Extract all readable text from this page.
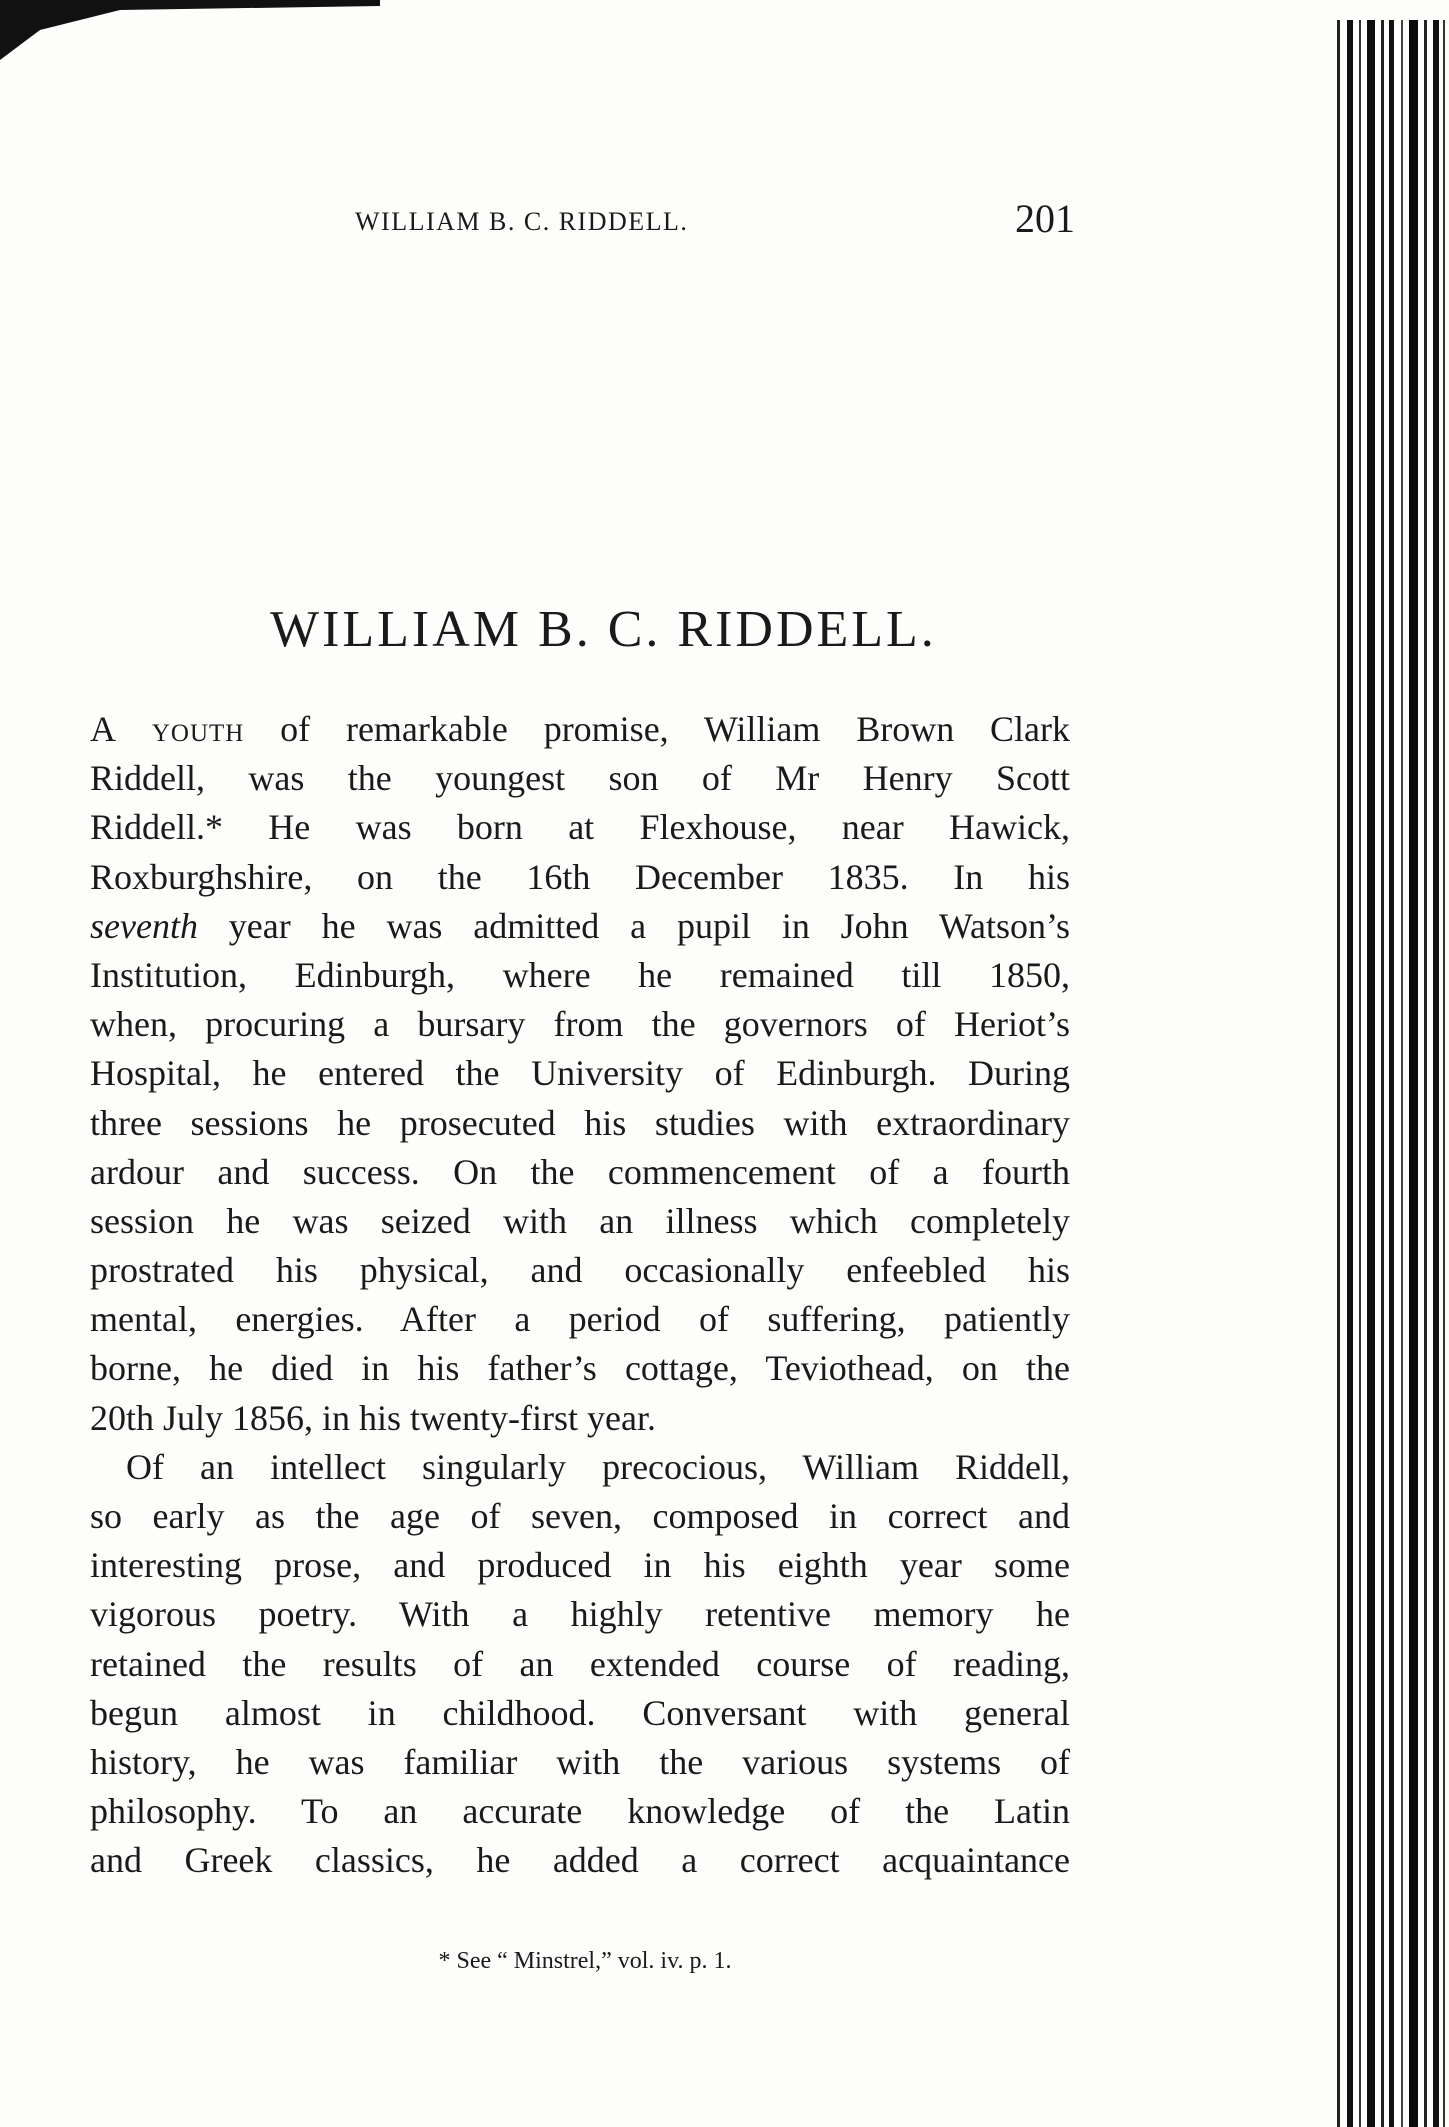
WILLIAM B. C. RIDDELL.	201
WILLIAM B. C. RIDDELL.
A youth of remarkable promise, William Brown Clark
Riddell, was the youngest son of Mr Henry Scott
Riddell.* He was born at Flexhouse, near Hawick,
Roxburghshire, on the 16th December 1835. In his
seventh year he was admitted a pupil in John Watson’s
Institution, Edinburgh, where he remained till 1850,
when, procuring a bursary from the governors of Heriot’s
Hospital, he entered the University of Edinburgh. During
three sessions he prosecuted his studies with extraordinary
ardour and success. On the commencement of a fourth
session he was seized with an illness which completely
prostrated his physical, and occasionally enfeebled his
mental, energies. After a period of suffering, patiently
borne, he died in his father’s cottage, Teviothead, on the
20th July 1856, in his twenty-first year.
Of an intellect singularly precocious, William Riddell,
so early as the age of seven, composed in correct and
interesting prose, and produced in his eighth year some
vigorous poetry. With a highly retentive memory he
retained the results of an extended course of reading,
begun almost in childhood. Conversant with general
history, he was familiar with the various systems of
philosophy. To an accurate knowledge of the Latin
and Greek classics, he added a correct acquaintance
* See “ Minstrel,” vol. iv. p. 1.
